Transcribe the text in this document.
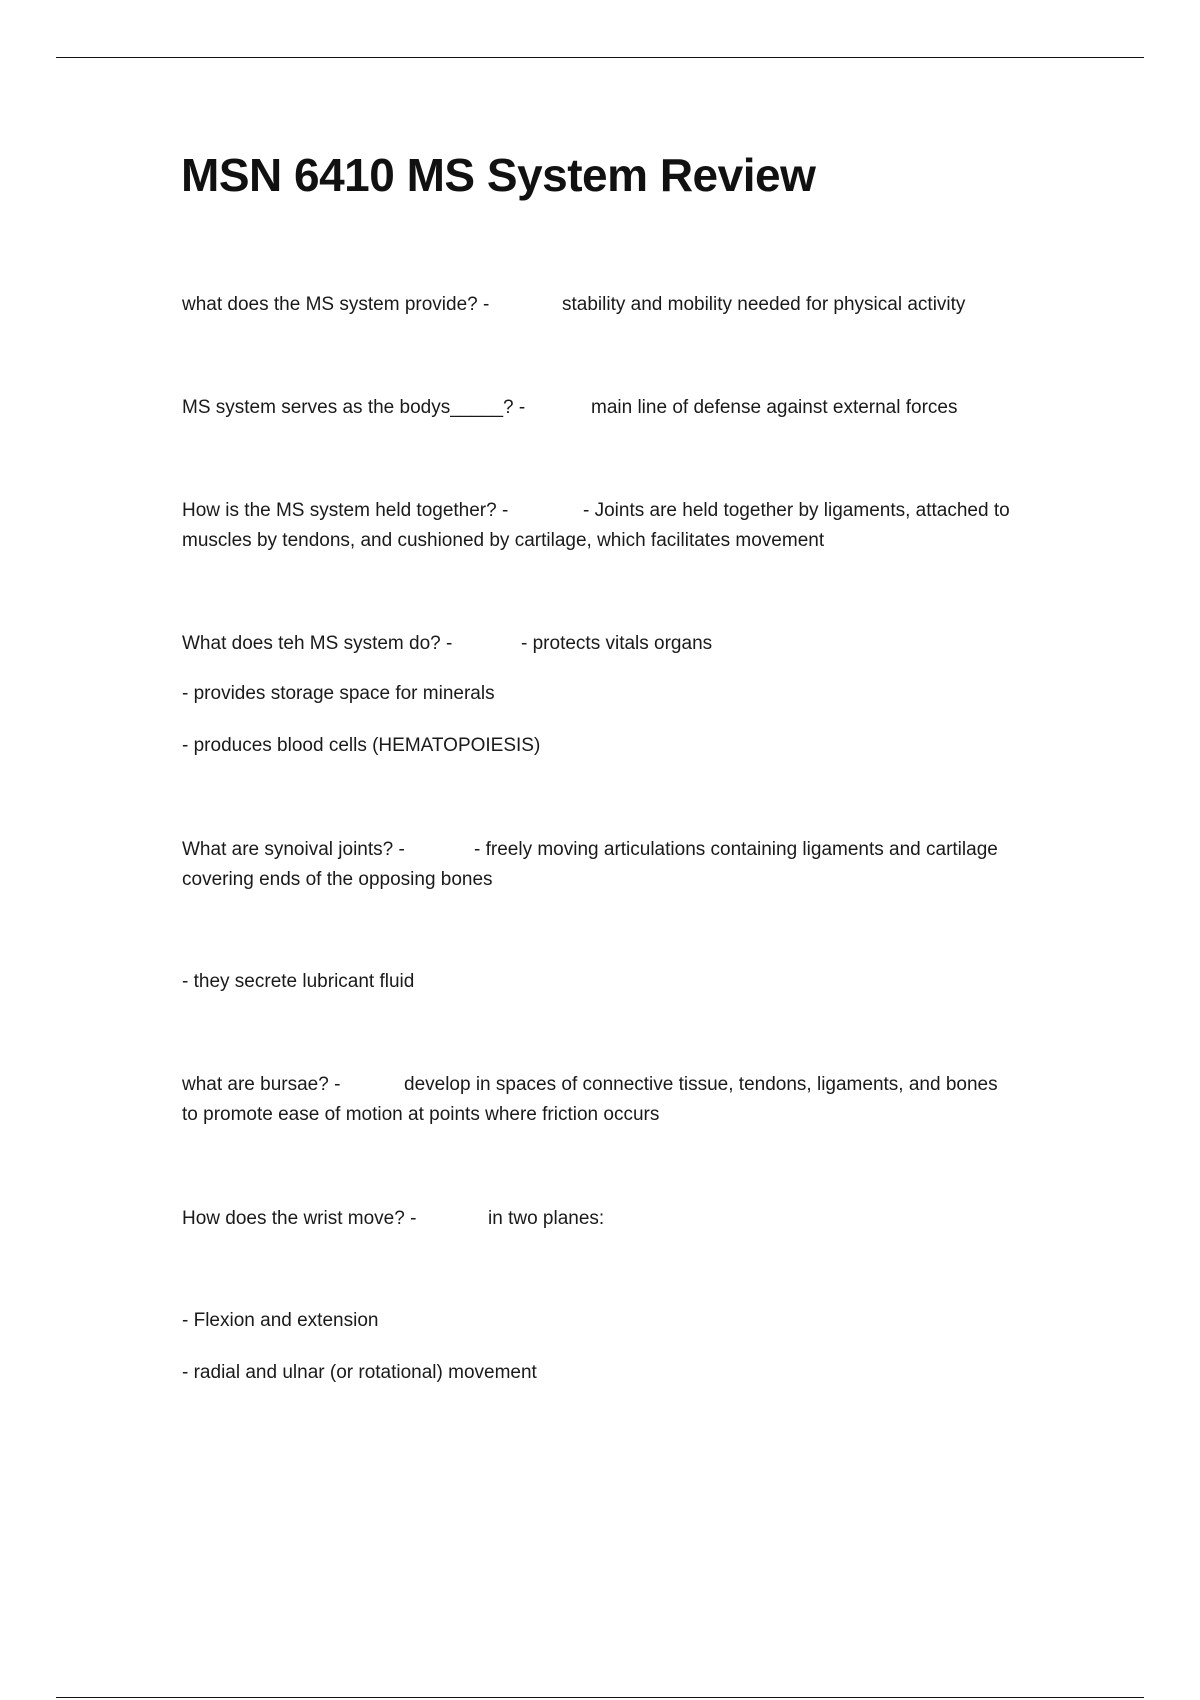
MSN 6410 MS System Review
what does the MS system provide? -	stability and mobility needed for physical activity
MS system serves as the bodys_____? -	main line of defense against external forces
How is the MS system held together? -	- Joints are held together by ligaments, attached to
muscles by tendons, and cushioned by cartilage, which facilitates movement
What does teh MS system do? -	- protects vitals organs
- provides storage space for minerals
- produces blood cells (HEMATOPOIESIS)
What are synoival joints? -	- freely moving articulations containing ligaments and cartilage
covering ends of the opposing bones
- they secrete lubricant fluid
what are bursae? -	develop in spaces of connective tissue, tendons, ligaments, and bones
to promote ease of motion at points where friction occurs
How does the wrist move? -	in two planes:
- Flexion and extension
- radial and ulnar (or rotational) movement
